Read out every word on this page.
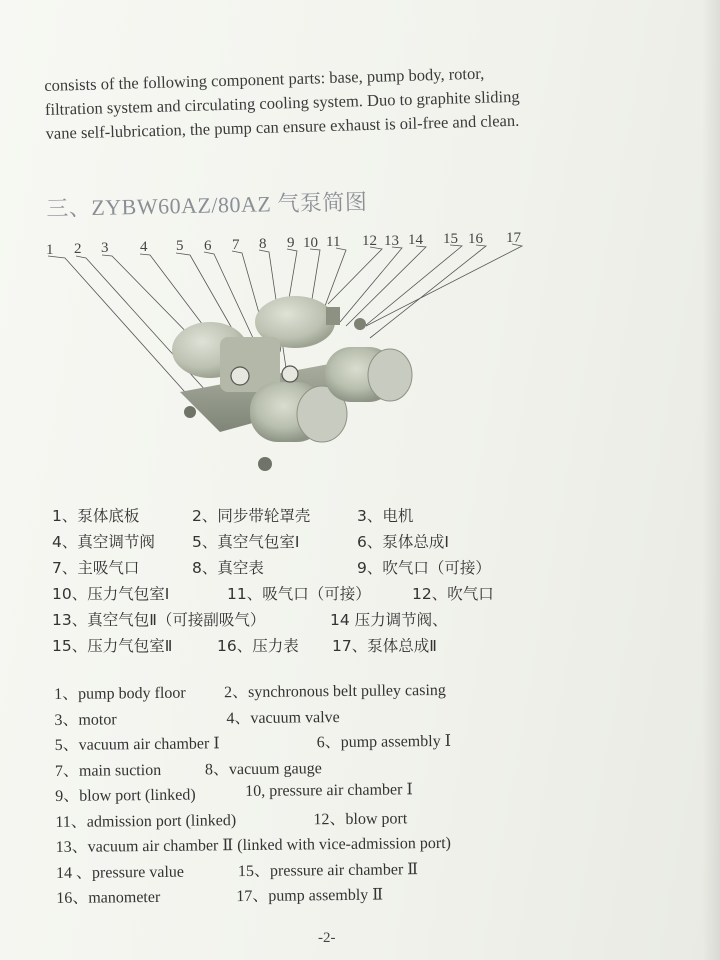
consists of the following component parts: base, pump body, rotor,

filtration system and circulating cooling system. Duo to graphite sliding

vane self-lubrication, the pump can ensure exhaust is oil-free and clean.

三、ZYBW60AZ/80AZ 气泵简图
1 2 3 4 5 6 7 8 9 10 11 12 13 14 15 16 17
1、泵体底板	2、同步带轮罩壳	3、电机
4、真空调节阀 5、真空气包室Ⅰ	6、泵体总成Ⅰ
7、主吸气口	8、真空表	9、吹气口（可接）
10、压力气包室Ⅰ	11、吸气口（可接）	12、吹气口
13、真空气包Ⅱ（可接副吸气）	14 压力调节阀、
15、压力气包室Ⅱ	16、压力表 17、泵体总成Ⅱ
1、pump body floor 2、synchronous belt pulley casing
3、motor	4、vacuum valve
5、vacuum air chamber Ⅰ	6、pump assembly Ⅰ
7、main suction	8、vacuum gauge
9、blow port (linked)	10, pressure air chamber Ⅰ
11、admission port (linked)	12、blow port
13、vacuum air chamber Ⅱ (linked with vice-admission port)
14 、pressure value	15、pressure air chamber Ⅱ
16、manometer	17、pump assembly Ⅱ
-2-
